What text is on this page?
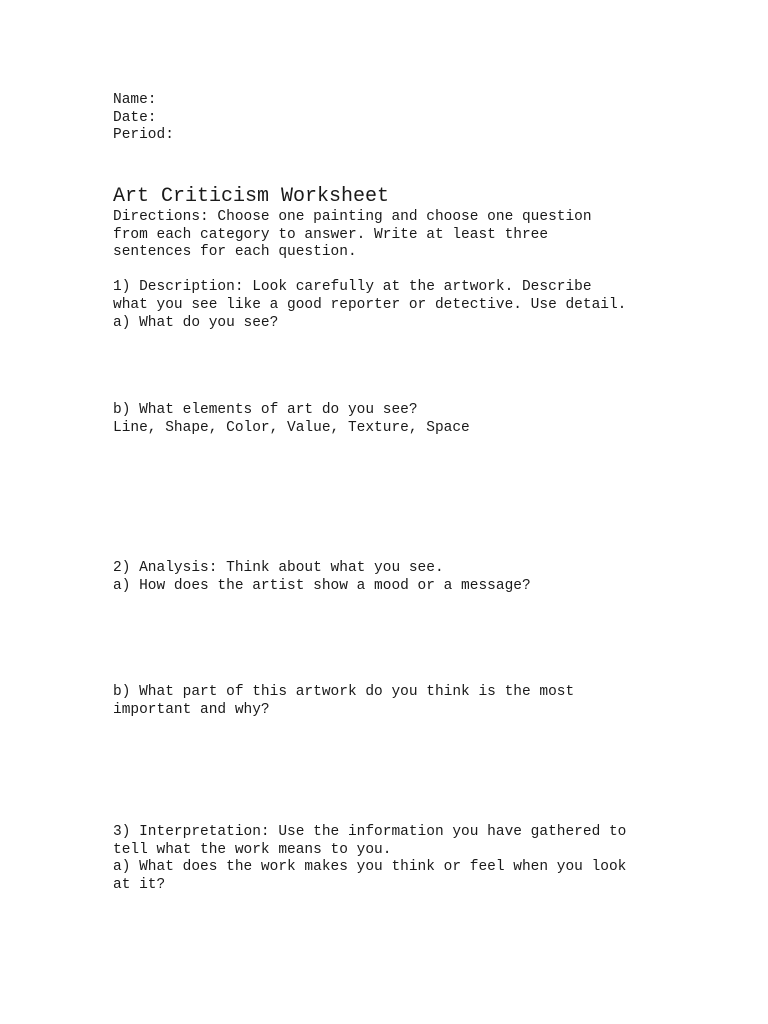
Name:
Date:
Period:
Art Criticism Worksheet
Directions: Choose one painting and choose one question
from each category to answer. Write at least three
sentences for each question.
1) Description: Look carefully at the artwork. Describe
what you see like a good reporter or detective. Use detail.
a) What do you see?
b) What elements of art do you see?
Line, Shape, Color, Value, Texture, Space
2) Analysis: Think about what you see.
a) How does the artist show a mood or a message?
b) What part of this artwork do you think is the most
important and why?
3) Interpretation: Use the information you have gathered to
tell what the work means to you.
a) What does the work makes you think or feel when you look
at it?
